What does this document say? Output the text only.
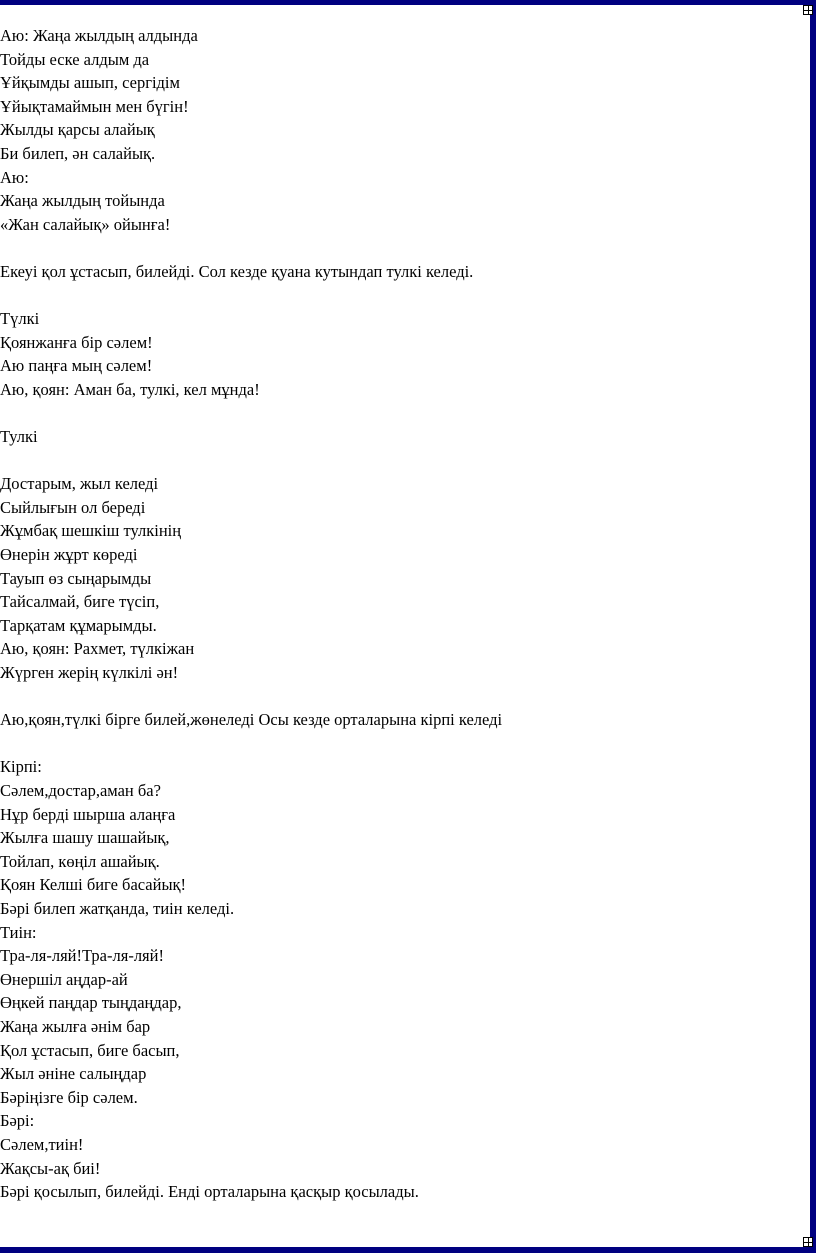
Аю: Жаңа жылдың алдында
Тойды еске алдым да
Ұйқымды ашып, сергідім
Ұйықтамаймын мен бүгін!
Жылды қарсы алайық
Би билеп, ән салайық.
Аю:
Жаңа жылдың тойында
«Жан салайық» ойынға!
Екеуі қол ұстасып, билейді. Сол кезде қуана кутындап тулкі келеді.
Түлкі
Қоянжанға бір сәлем!
Аю паңға мың сәлем!
Аю, қоян: Аман ба, тулкі, кел мұнда!
Тулкі
Достарым, жыл келеді
Сыйлығын ол береді
Жұмбақ шешкіш тулкінің
Өнерін жұрт көреді
Тауып өз сыңарымды
Тайсалмай, биге түсіп,
Тарқатам құмарымды.
Аю, қоян: Рахмет, түлкіжан
Жүрген жерің күлкілі ән!
Аю,қоян,түлкі бірге билей,жөнеледі Осы кезде орталарына кірпі келеді
Кірпі:
Сәлем,достар,аман ба?
Нұр берді шырша алаңға
Жылға шашу шашайық,
Тойлап, көңіл ашайық.
Қоян Келші биге басайық!
Бәрі билеп жатқанда, тиін келеді.
Тиін:
Тра-ля-ляй!Тра-ля-ляй!
Өнершіл аңдар-ай
Өңкей паңдар тыңдаңдар,
Жаңа жылға әнім бар
Қол ұстасып, биге басып,
Жыл әніне салыңдар
Бәріңізге бір сәлем.
Бәрі:
Сәлем,тиін!
Жақсы-ақ биі!
Бәрі қосылып, билейді. Енді орталарына қасқыр қосылады.
